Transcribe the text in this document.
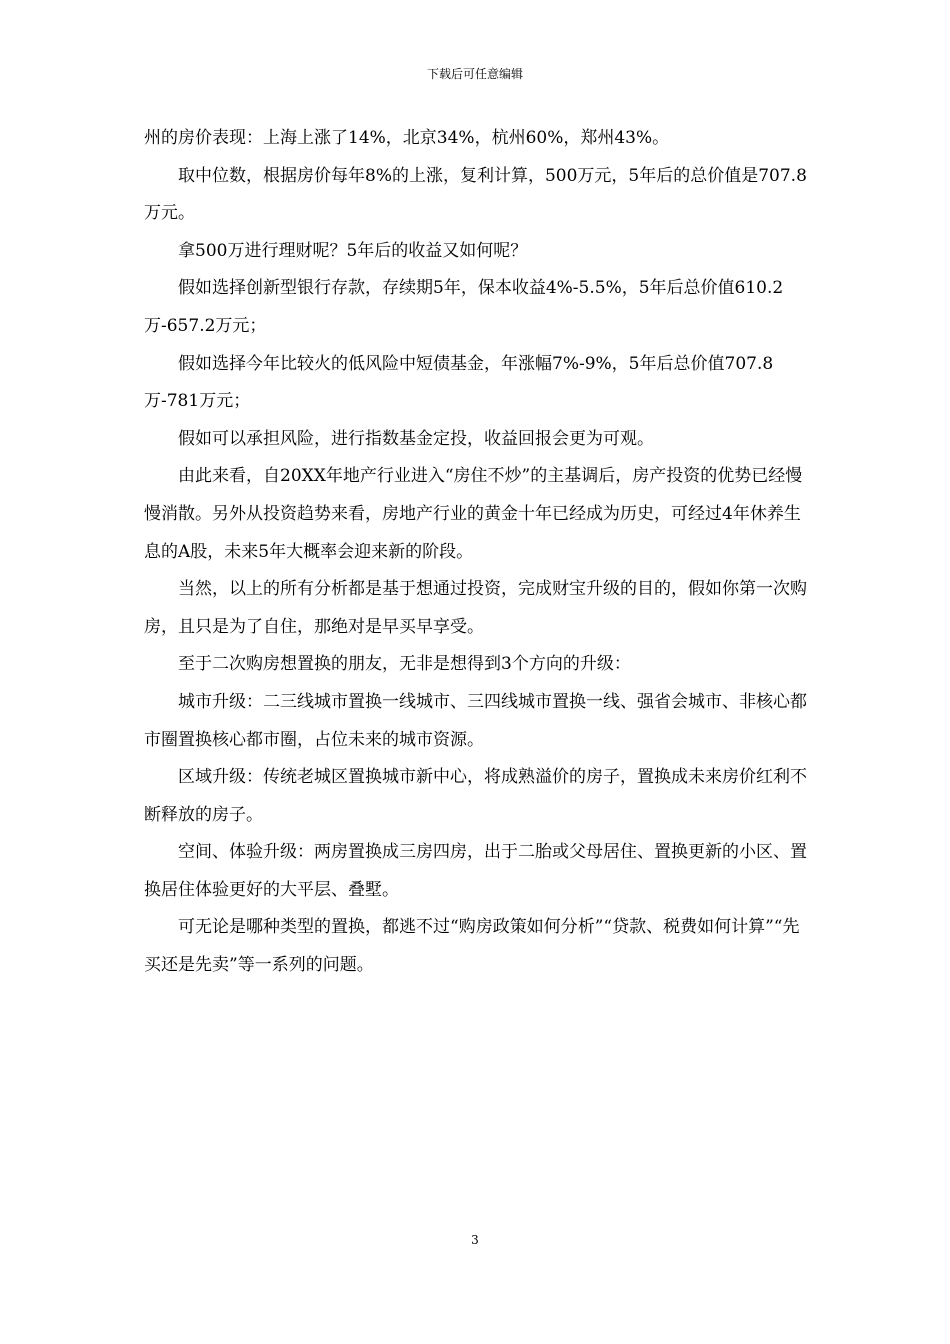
下载后可任意编辑

州的房价表现：上海上涨了14%，北京34%，杭州60%，郑州43%。

取中位数，根据房价每年8%的上涨，复利计算，500万元，5年后的总价值是707.8万元。

拿500万进行理财呢？5年后的收益又如何呢？

假如选择创新型银行存款，存续期5年，保本收益4%-5.5%，5年后总价值610.2万-657.2万元；

假如选择今年比较火的低风险中短债基金，年涨幅7%-9%，5年后总价值707.8万-781万元；

假如可以承担风险，进行指数基金定投，收益回报会更为可观。

由此来看，自20XX年地产行业进入“房住不炒”的主基调后，房产投资的优势已经慢慢消散。另外从投资趋势来看，房地产行业的黄金十年已经成为历史，可经过4年休养生息的A股，未来5年大概率会迎来新的阶段。

当然，以上的所有分析都是基于想通过投资，完成财宝升级的目的，假如你第一次购房，且只是为了自住，那绝对是早买早享受。

至于二次购房想置换的朋友，无非是想得到3个方向的升级：

城市升级：二三线城市置换一线城市、三四线城市置换一线、强省会城市、非核心都市圈置换核心都市圈，占位未来的城市资源。

区域升级：传统老城区置换城市新中心，将成熟溢价的房子，置换成未来房价红利不断释放的房子。

空间、体验升级：两房置换成三房四房，出于二胎或父母居住、置换更新的小区、置换居住体验更好的大平层、叠墅。

可无论是哪种类型的置换，都逃不过“购房政策如何分析”“贷款、税费如何计算”“先买还是先卖”等一系列的问题。

3
